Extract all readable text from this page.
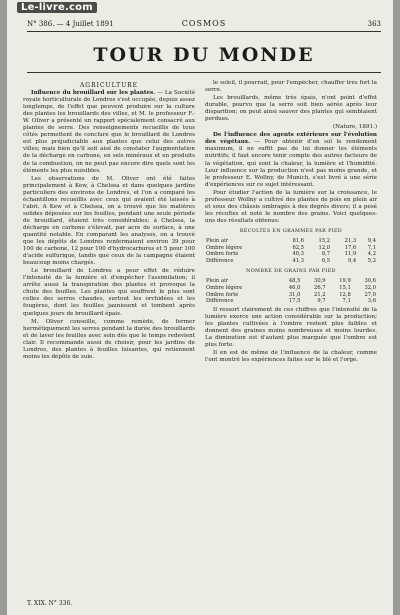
Le-livre.com
N° 386. — 4 Juillet 1891	COSMOS	363
TOUR DU MONDE

AGRICULTURE

Influence du brouillard sur les plantes. — La Société royale horticulturale de Londres s'est occupée, depuis assez longtemps, de l'effet que peuvent produire sur la culture des plantes les brouillards des villes, et M. le professeur F.-W. Oliver a présenté un rapport spécialement consacré aux plantes de serre. Des renseignements recueillis de tous côtés permettent de conclure que le brouillard de Londres est plus préjudiciable aux plantes que celui des autres villes; mais bien qu'il soit aisé de constater l'augmentation de la décharge en carbone, en sels minéraux et en produits de la combustion, on ne peut pas encore dire quels sont les éléments les plus nuisibles.

Les observations de M. Oliver ont été faites principalement à Kew, à Chelsea et dans quelques jardins particuliers des environs de Londres, et l'on a comparé les échantillons recueillis avec ceux qui avaient été laissés à l'abri. A Kew et à Chelsea, on a trouvé que les matières solides déposées sur les feuilles, pendant une seule période de brouillard, étaient très considérables; à Chelsea, la décharge en carbone s'élevait, par acre de surface, à une quantité notable. En comparant les analyses, on a trouvé que les dépôts de Londres renfermaient environ 39 pour 100 de carbone, 12 pour 100 d'hydrocarbures et 5 pour 100 d'acide sulfurique, tandis que ceux de la campagne étaient beaucoup moins chargés.

Le brouillard de Londres a pour effet de réduire l'intensité de la lumière et d'empêcher l'assimilation; il arrête aussi la transpiration des plantes et provoque la chute des feuilles. Les plantes qui souffrent le plus sont celles des serres chaudes, surtout les orchidées et les fougères, dont les feuilles jaunissent et tombent après quelques jours de brouillard épais.

M. Oliver conseille, comme remède, de fermer hermétiquement les serres pendant la durée des brouillards et de laver les feuilles avec soin dès que le temps redevient clair. Il recommande aussi de choisir, pour les jardins de Londres, des plantes à feuilles luisantes, qui retiennent moins les dépôts de suie.

le soleil, il pourrait, pour l'empêcher, chauffer très fort la serre.

Les brouillards, même très épais, n'ont point d'effet durable, pourvu que la serre soit bien aérée après leur disparition; on peut ainsi sauver des plantes qui semblaient perdues.

(Nature, 1891.)

De l'influence des agents extérieurs sur l'évolution des végétaux. — Pour obtenir d'un sol le rendement maximum, il ne suffit pas de lui donner les éléments nutritifs; il faut encore tenir compte des autres facteurs de la végétation, qui sont la chaleur, la lumière et l'humidité. Leur influence sur la production n'est pas moins grande, et le professeur E. Wollny, de Munich, s'est livré à une série d'expériences sur ce sujet intéressant.

Pour étudier l'action de la lumière sur la croissance, le professeur Wollny a cultivé des plantes de pois en plein air et sous des châssis ombragés à des degrés divers; il a pesé les récoltes et noté le nombre des grains. Voici quelques-uns des résultats obtenus:

RÉCOLTES EN GRAMMES PAR PIED
Plein air	81,6	15,2	21,3	9,4
Ombre légère	62,5	12,0	17,6	7,1
Ombre forte	40,3	8,7	11,9	4,2
Différence	41,3	6,5	9,4	5,2
NOMBRE DE GRAINS PAR PIED
Plein air	48,5	30,9	19,9	30,6
Ombre légère	46,0	26,7	15,1	32,0
Ombre forte	31,0	21,2	12,8	27,0
Différence	17,5	9,7	7,1	3,6

Il ressort clairement de ces chiffres que l'intensité de la lumière exerce une action considérable sur la production; les plantes cultivées à l'ombre restent plus faibles et donnent des graines moins nombreuses et moins lourdes. La diminution est d'autant plus marquée que l'ombre est plus forte.

Il en est de même de l'influence de la chaleur, comme l'ont montré les expériences faites sur le blé et l'orge.

T. XIX. N° 336.
